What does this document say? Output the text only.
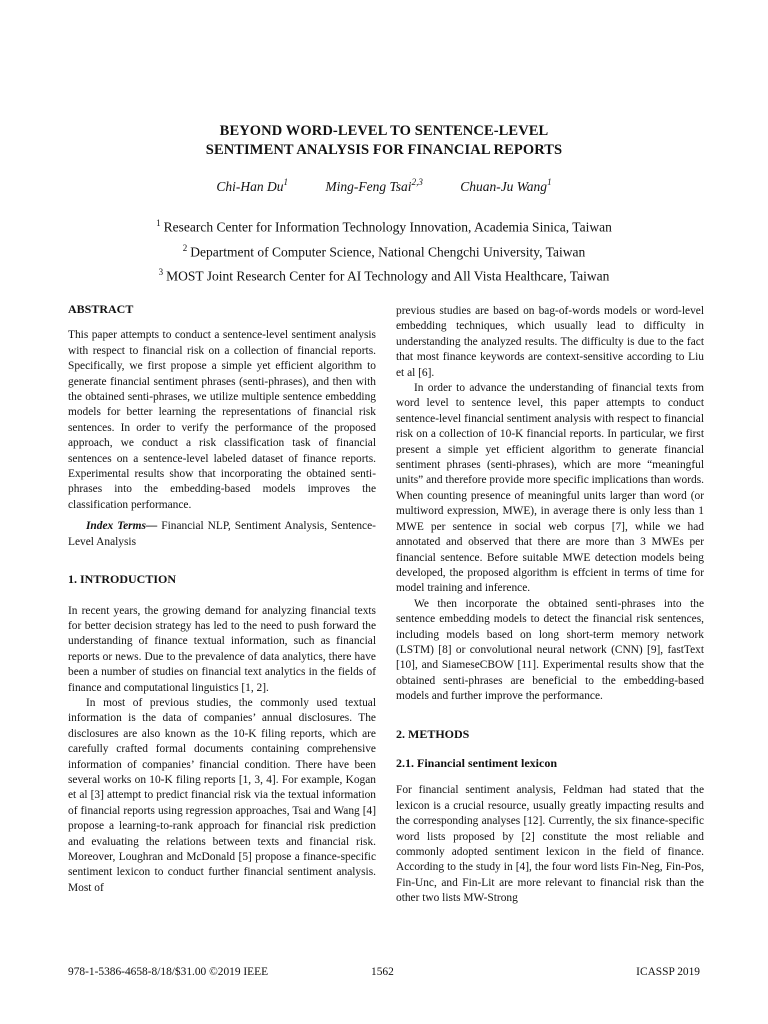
BEYOND WORD-LEVEL TO SENTENCE-LEVEL
SENTIMENT ANALYSIS FOR FINANCIAL REPORTS
Chi-Han Du$^1$	Ming-Feng Tsai$^{2,3}$	Chuan-Ju Wang$^1$
$^1$ Research Center for Information Technology Innovation, Academia Sinica, Taiwan
$^2$ Department of Computer Science, National Chengchi University, Taiwan
$^3$ MOST Joint Research Center for AI Technology and All Vista Healthcare, Taiwan

ABSTRACT

This paper attempts to conduct a sentence-level sentiment analysis with respect to financial risk on a collection of financial reports. Specifically, we first propose a simple yet efficient algorithm to generate financial sentiment phrases (senti-phrases), and then with the obtained senti-phrases, we utilize multiple sentence embedding models for better learning the representations of financial risk sentences. In order to verify the performance of the proposed approach, we conduct a risk classification task of financial sentences on a sentence-level labeled dataset of finance reports. Experimental results show that incorporating the obtained senti-phrases into the embedding-based models improves the classification performance.

Index Terms— Financial NLP, Sentiment Analysis, Sentence-Level Analysis

1. INTRODUCTION

In recent years, the growing demand for analyzing financial texts for better decision strategy has led to the need to push forward the understanding of finance textual information, such as financial reports or news. Due to the prevalence of data analytics, there have been a number of studies on financial text analytics in the fields of finance and computational linguistics [1, 2].

In most of previous studies, the commonly used textual information is the data of companies’ annual disclosures. The disclosures are also known as the 10-K filing reports, which are carefully crafted formal documents containing comprehensive information of companies’ financial condition. There have been several works on 10-K filing reports [1, 3, 4]. For example, Kogan et al [3] attempt to predict financial risk via the textual information of financial reports using regression approaches, Tsai and Wang [4] propose a learning-to-rank approach for financial risk prediction and evaluating the relations between texts and financial risk. Moreover, Loughran and McDonald [5] propose a finance-specific sentiment lexicon to conduct further financial sentiment analysis. Most of

previous studies are based on bag-of-words models or word-level embedding techniques, which usually lead to difficulty in understanding the analyzed results. The difficulty is due to the fact that most finance keywords are context-sensitive according to Liu et al [6].

In order to advance the understanding of financial texts from word level to sentence level, this paper attempts to conduct sentence-level financial sentiment analysis with respect to financial risk on a collection of 10-K financial reports. In particular, we first present a simple yet efficient algorithm to generate financial sentiment phrases (senti-phrases), which are more “meaningful units” and therefore provide more specific implications than words. When counting presence of meaningful units larger than word (or multiword expression, MWE), in average there is only less than 1 MWE per sentence in social web corpus [7], while we had annotated and observed that there are more than 3 MWEs per financial sentence. Before suitable MWE detection models being developed, the proposed algorithm is effcient in terms of time for model training and inference.

We then incorporate the obtained senti-phrases into the sentence embedding models to detect the financial risk sentences, including models based on long short-term memory network (LSTM) [8] or convolutional neural network (CNN) [9], fastText [10], and SiameseCBOW [11]. Experimental results show that the obtained senti-phrases are beneficial to the embedding-based models and further improve the performance.

2. METHODS

2.1. Financial sentiment lexicon

For financial sentiment analysis, Feldman had stated that the lexicon is a crucial resource, usually greatly impacting results and the corresponding analyses [12]. Currently, the six finance-specific word lists proposed by [2] constitute the most reliable and commonly adopted sentiment lexicon in the field of finance. According to the study in [4], the four word lists Fin-Neg, Fin-Pos, Fin-Unc, and Fin-Lit are more relevant to financial risk than the other two lists MW-Strong

978-1-5386-4658-8/18/$31.00 ©2019 IEEE	1562	ICASSP 2019
